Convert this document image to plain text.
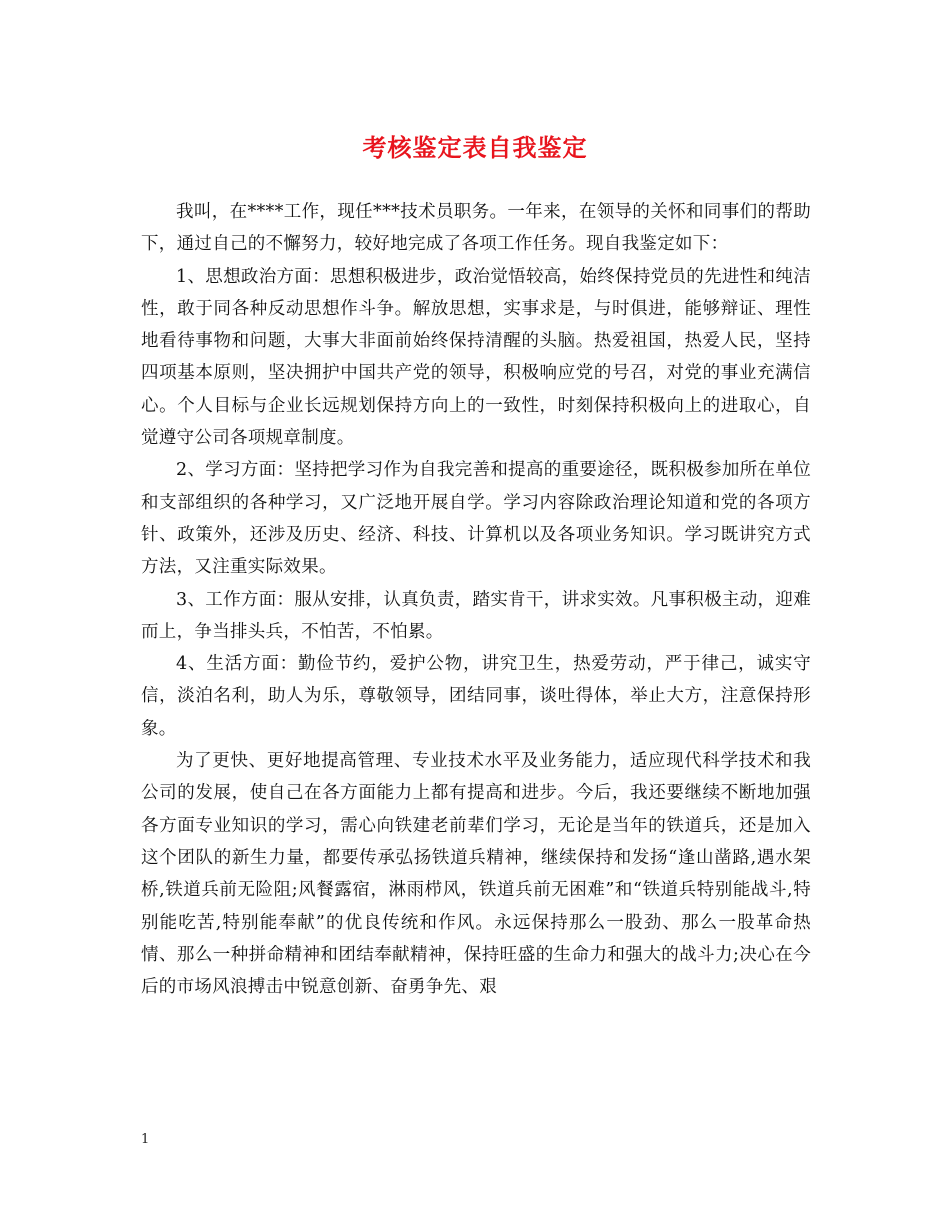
考核鉴定表自我鉴定

我叫，在****工作，现任***技术员职务。一年来，在领导的关怀和同事们的帮助下，通过自己的不懈努力，较好地完成了各项工作任务。现自我鉴定如下：

1、思想政治方面：思想积极进步，政治觉悟较高，始终保持党员的先进性和纯洁性，敢于同各种反动思想作斗争。解放思想，实事求是，与时俱进，能够辩证、理性地看待事物和问题，大事大非面前始终保持清醒的头脑。热爱祖国，热爱人民，坚持四项基本原则，坚决拥护中国共产党的领导，积极响应党的号召，对党的事业充满信心。个人目标与企业长远规划保持方向上的一致性，时刻保持积极向上的进取心，自觉遵守公司各项规章制度。

2、学习方面：坚持把学习作为自我完善和提高的重要途径，既积极参加所在单位和支部组织的各种学习，又广泛地开展自学。学习内容除政治理论知道和党的各项方针、政策外，还涉及历史、经济、科技、计算机以及各项业务知识。学习既讲究方式方法，又注重实际效果。

3、工作方面：服从安排，认真负责，踏实肯干，讲求实效。凡事积极主动，迎难而上，争当排头兵，不怕苦，不怕累。

4、生活方面：勤俭节约，爱护公物，讲究卫生，热爱劳动，严于律己，诚实守信，淡泊名利，助人为乐，尊敬领导，团结同事，谈吐得体，举止大方，注意保持形象。

为了更快、更好地提高管理、专业技术水平及业务能力，适应现代科学技术和我公司的发展，使自己在各方面能力上都有提高和进步。今后，我还要继续不断地加强各方面专业知识的学习，需心向铁建老前辈们学习，无论是当年的铁道兵，还是加入这个团队的新生力量，都要传承弘扬铁道兵精神，继续保持和发扬“逢山凿路,遇水架桥,铁道兵前无险阻;风餐露宿，淋雨栉风，铁道兵前无困难”和“铁道兵特别能战斗,特别能吃苦,特别能奉献”的优良传统和作风。永远保持那么一股劲、那么一股革命热情、那么一种拼命精神和团结奉献精神，保持旺盛的生命力和强大的战斗力;决心在今后的市场风浪搏击中锐意创新、奋勇争先、艰

1
